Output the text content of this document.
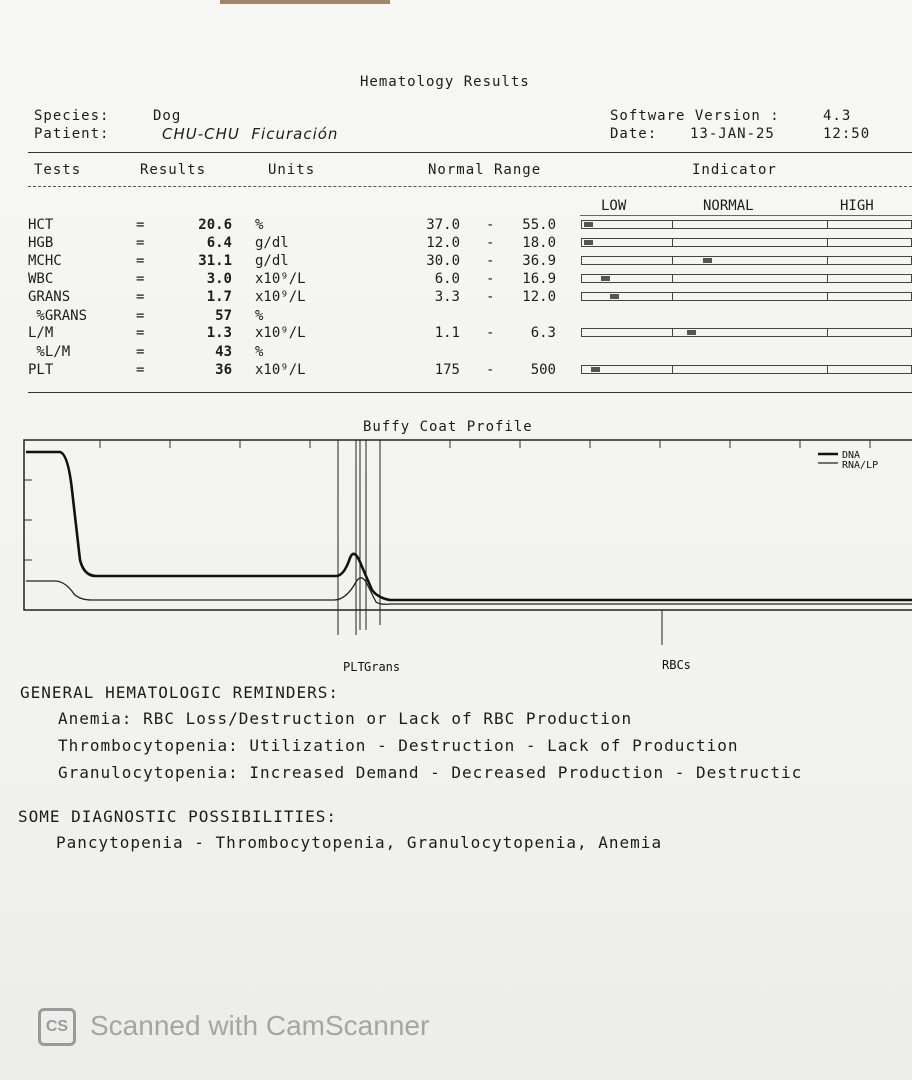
Hematology Results
Species:	Dog
Patient:	CHU-CHU  Ficuración
Software Version :	4.3
Date: 13-JAN-25	12:50
Tests	Results	Units	Normal Range	Indicator
LOW	NORMAL	HIGH
HCT	=	20.6 %	37.0 -	55.0
HGB	=	6.4 g/dl	12.0 -	18.0
MCHC	=	31.1 g/dl	30.0 -	36.9
WBC	=	3.0 x10⁹/L	6.0 -	16.9
GRANS	=	1.7 x10⁹/L	3.3 -	12.0
%GRANS	=	57 %
L/M	=	1.3 x10⁹/L	1.1 -	6.3
%L/M	=	43 %
PLT	=	36 x10⁹/L	175 -	500
Buffy Coat Profile
DNA
RNA/LP
PLT Grans	RBCs
GENERAL HEMATOLOGIC REMINDERS:
Anemia: RBC Loss/Destruction or Lack of RBC Production
Thrombocytopenia: Utilization - Destruction - Lack of Production
Granulocytopenia: Increased Demand - Decreased Production - Destructic
SOME DIAGNOSTIC POSSIBILITIES:
Pancytopenia - Thrombocytopenia, Granulocytopenia, Anemia
CS Scanned with CamScanner
